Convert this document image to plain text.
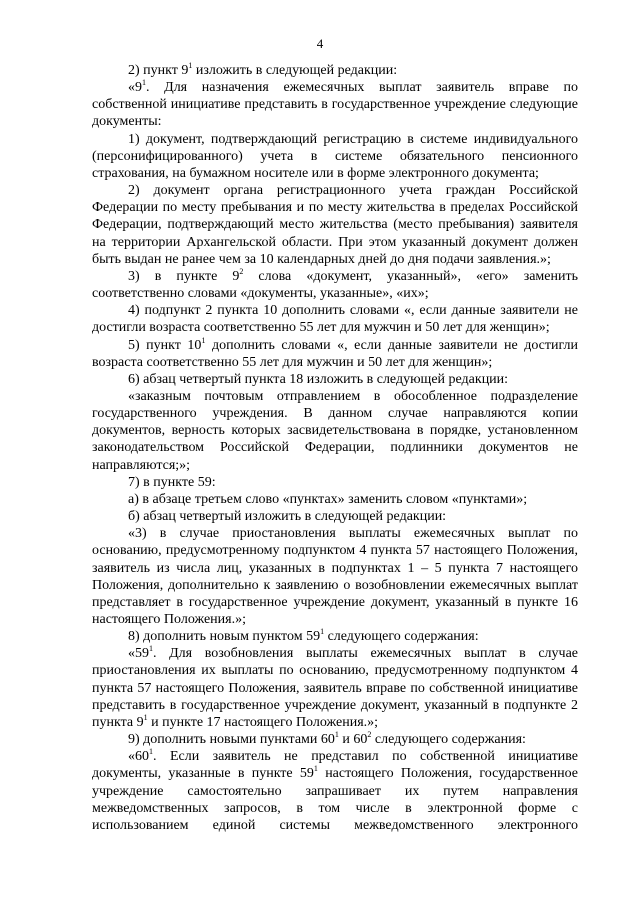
4

2) пункт $9^1$ изложить в следующей редакции:

«$9^1$. Для назначения ежемесячных выплат заявитель вправе по собственной инициативе представить в государственное учреждение следующие документы:

1) документ, подтверждающий регистрацию в системе индивидуального (персонифицированного) учета в системе обязательного пенсионного страхования, на бумажном носителе или в форме электронного документа;

2) документ органа регистрационного учета граждан Российской Федерации по месту пребывания и по месту жительства в пределах Российской Федерации, подтверждающий место жительства (место пребывания) заявителя на территории Архангельской области. При этом указанный документ должен быть выдан не ранее чем за 10 календарных дней до дня подачи заявления.»;

3) в пункте $9^2$ слова «документ, указанный», «его» заменить соответственно словами «документы, указанные», «их»;

4) подпункт 2 пункта 10 дополнить словами «, если данные заявители не достигли возраста соответственно 55 лет для мужчин и 50 лет для женщин»;

5) пункт $10^1$ дополнить словами «, если данные заявители не достигли возраста соответственно 55 лет для мужчин и 50 лет для женщин»;

6) абзац четвертый пункта 18 изложить в следующей редакции:

«заказным почтовым отправлением в обособленное подразделение государственного учреждения. В данном случае направляются копии документов, верность которых засвидетельствована в порядке, установленном законодательством Российской Федерации, подлинники документов не направляются;»;

7) в пункте 59:

а) в абзаце третьем слово «пунктах» заменить словом «пунктами»;

б) абзац четвертый изложить в следующей редакции:

«3) в случае приостановления выплаты ежемесячных выплат по основанию, предусмотренному подпунктом 4 пункта 57 настоящего Положения, заявитель из числа лиц, указанных в подпунктах 1 – 5 пункта 7 настоящего Положения, дополнительно к заявлению о возобновлении ежемесячных выплат представляет в государственное учреждение документ, указанный в пункте 16 настоящего Положения.»;

8) дополнить новым пунктом $59^1$ следующего содержания:

«$59^1$. Для возобновления выплаты ежемесячных выплат в случае приостановления их выплаты по основанию, предусмотренному подпунктом 4 пункта 57 настоящего Положения, заявитель вправе по собственной инициативе представить в государственное учреждение документ, указанный в подпункте 2 пункта $9^1$ и пункте 17 настоящего Положения.»;

9) дополнить новыми пунктами $60^1$ и $60^2$ следующего содержания:

«$60^1$. Если заявитель не представил по собственной инициативе документы, указанные в пункте $59^1$ настоящего Положения, государственное учреждение самостоятельно запрашивает их путем направления межведомственных запросов, в том числе в электронной форме с использованием единой системы межведомственного электронного
